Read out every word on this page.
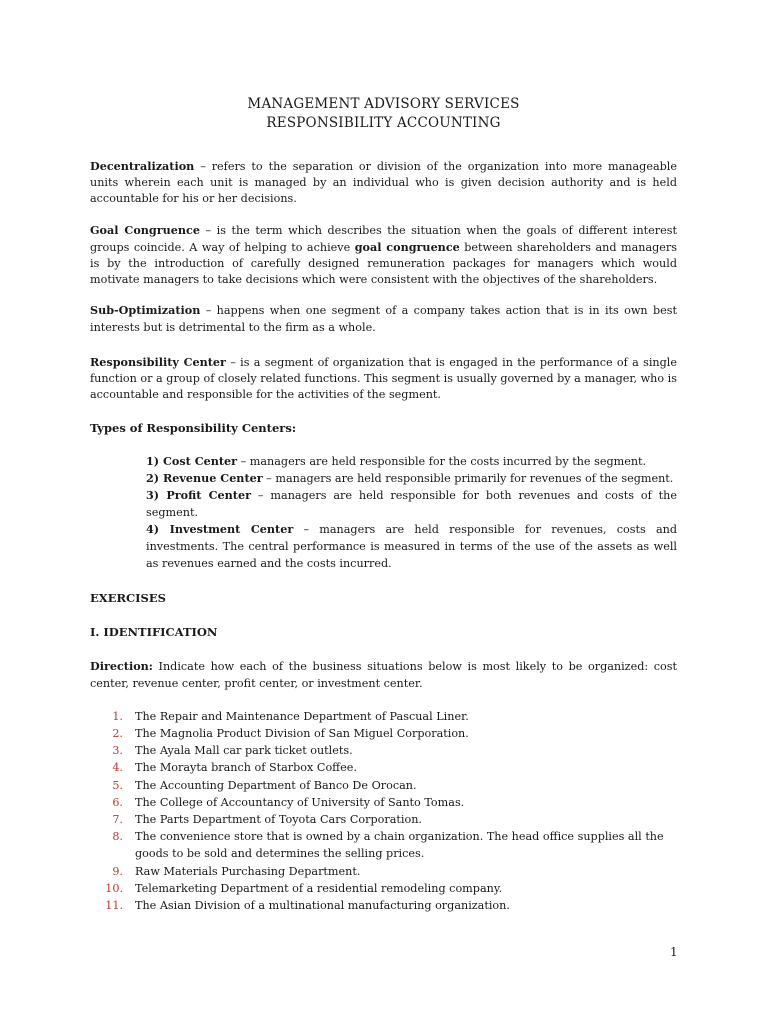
MANAGEMENT ADVISORY SERVICES
RESPONSIBILITY ACCOUNTING

Decentralization – refers to the separation or division of the organization into more manageable units wherein each unit is managed by an individual who is given decision authority and is held accountable for his or her decisions.

Goal Congruence – is the term which describes the situation when the goals of different interest groups coincide. A way of helping to achieve goal congruence between shareholders and managers is by the introduction of carefully designed remuneration packages for managers which would motivate managers to take decisions which were consistent with the objectives of the shareholders.

Sub-Optimization – happens when one segment of a company takes action that is in its own best interests but is detrimental to the firm as a whole.

Responsibility Center – is a segment of organization that is engaged in the performance of a single function or a group of closely related functions. This segment is usually governed by a manager, who is accountable and responsible for the activities of the segment.

Types of Responsibility Centers:

1) Cost Center – managers are held responsible for the costs incurred by the segment.
2) Revenue Center – managers are held responsible primarily for revenues of the segment.
3) Profit Center – managers are held responsible for both revenues and costs of the segment.
4) Investment Center – managers are held responsible for revenues, costs and investments. The central performance is measured in terms of the use of the assets as well as revenues earned and the costs incurred.

EXERCISES

I. IDENTIFICATION

Direction: Indicate how each of the business situations below is most likely to be organized: cost center, revenue center, profit center, or investment center.

1. The Repair and Maintenance Department of Pascual Liner.
2. The Magnolia Product Division of San Miguel Corporation.
3. The Ayala Mall car park ticket outlets.
4. The Morayta branch of Starbox Coffee.
5. The Accounting Department of Banco De Orocan.
6. The College of Accountancy of University of Santo Tomas.
7. The Parts Department of Toyota Cars Corporation.
8. The convenience store that is owned by a chain organization. The head office supplies all the goods to be sold and determines the selling prices.
9. Raw Materials Purchasing Department.
10. Telemarketing Department of a residential remodeling company.
11. The Asian Division of a multinational manufacturing organization.
1
